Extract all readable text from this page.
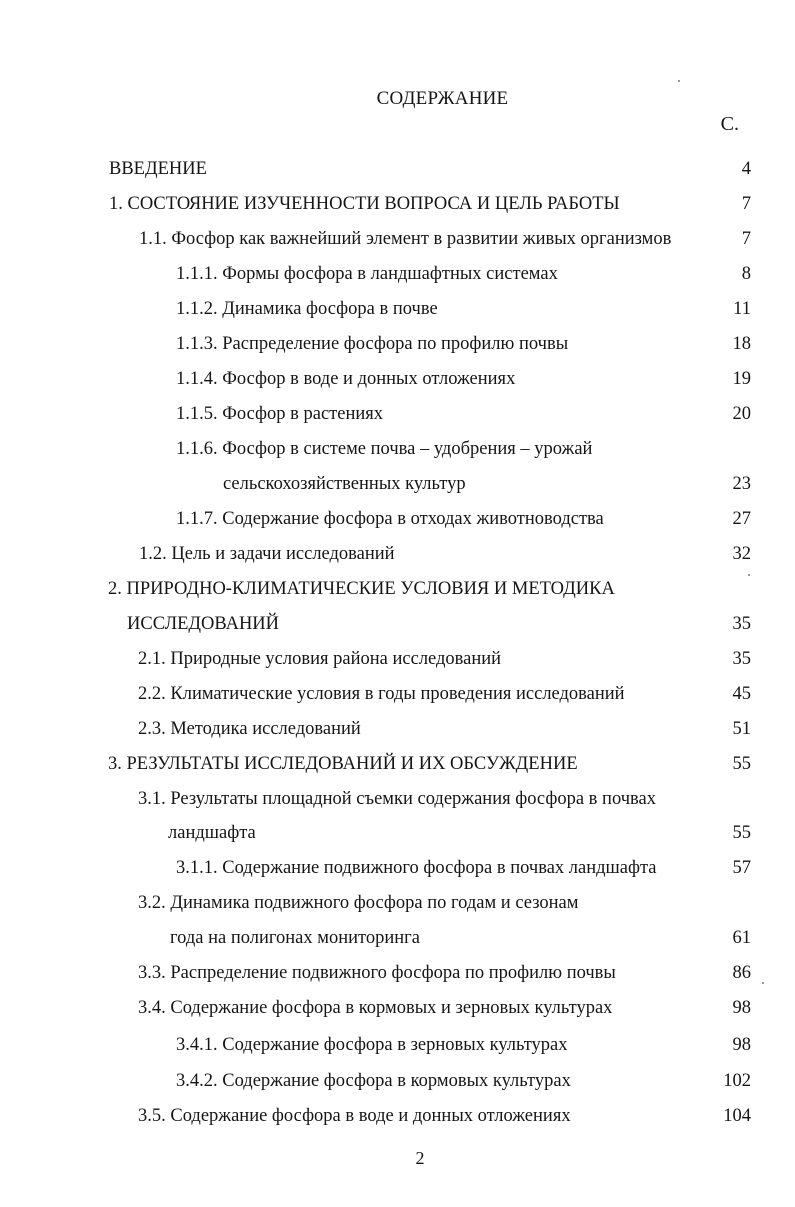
СОДЕРЖАНИЕ
С.
ВВЕДЕНИЕ	4
1. СОСТОЯНИЕ ИЗУЧЕННОСТИ ВОПРОСА И ЦЕЛЬ РАБОТЫ	7
1.1. Фосфор как важнейший элемент в развитии живых организмов	7
1.1.1. Формы фосфора в ландшафтных системах	8
1.1.2. Динамика фосфора в почве	11
1.1.3. Распределение фосфора по профилю почвы	18
1.1.4. Фосфор в воде и донных отложениях	19
1.1.5. Фосфор в растениях	20
1.1.6. Фосфор в системе почва – удобрения – урожай
сельскохозяйственных культур	23
1.1.7. Содержание фосфора в отходах животноводства	27
1.2. Цель и задачи исследований	32
2. ПРИРОДНО-КЛИМАТИЧЕСКИЕ УСЛОВИЯ И МЕТОДИКА
ИССЛЕДОВАНИЙ	35
2.1. Природные условия района исследований	35
2.2. Климатические условия в годы проведения исследований	45
2.3. Методика исследований	51
3. РЕЗУЛЬТАТЫ ИССЛЕДОВАНИЙ И ИХ ОБСУЖДЕНИЕ	55
3.1. Результаты площадной съемки содержания фосфора в почвах
ландшафта	55
3.1.1. Содержание подвижного фосфора в почвах ландшафта	57
3.2. Динамика подвижного фосфора по годам и сезонам
года на полигонах мониторинга	61
3.3. Распределение подвижного фосфора по профилю почвы	86
3.4. Содержание фосфора в кормовых и зерновых культурах	98
3.4.1. Содержание фосфора в зерновых культурах	98
3.4.2. Содержание фосфора в кормовых культурах	102
3.5. Содержание фосфора в воде и донных отложениях	104
2
